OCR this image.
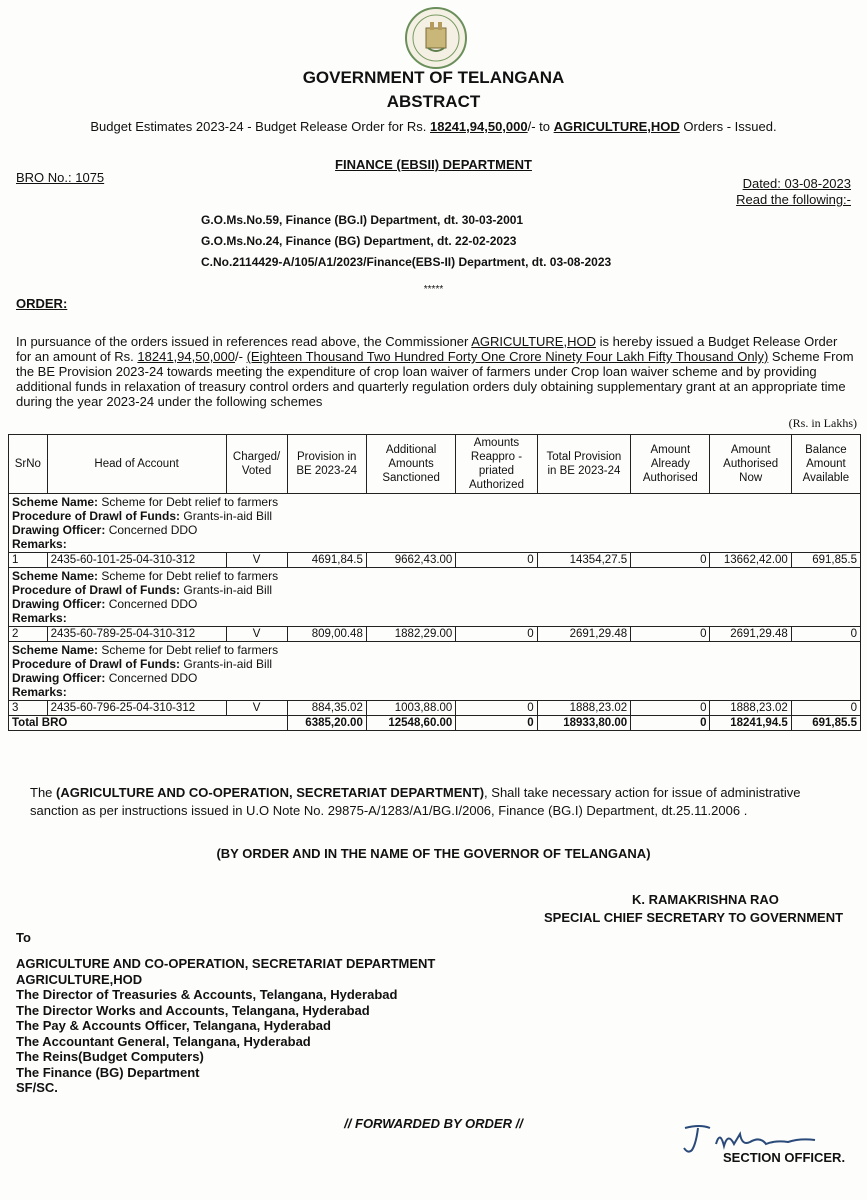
GOVERNMENT OF TELANGANA
ABSTRACT
Budget Estimates 2023-24 - Budget Release Order for Rs. 18241,94,50,000/- to AGRICULTURE,HOD Orders - Issued.
FINANCE (EBSII) DEPARTMENT
BRO No.: 1075	Dated: 03-08-2023
Read the following:-
G.O.Ms.No.59, Finance (BG.I) Department, dt. 30-03-2001
G.O.Ms.No.24, Finance (BG) Department, dt. 22-02-2023
C.No.2114429-A/105/A1/2023/Finance(EBS-II) Department, dt. 03-08-2023
*****
ORDER:
In pursuance of the orders issued in references read above, the Commissioner AGRICULTURE,HOD is hereby issued a Budget Release Order for an amount of Rs. 18241,94,50,000/- (Eighteen Thousand Two Hundred Forty One Crore Ninety Four Lakh Fifty Thousand Only) Scheme From the BE Provision 2023-24 towards meeting the expenditure of crop loan waiver of farmers under Crop loan waiver scheme and by providing additional funds in relaxation of treasury control orders and quarterly regulation orders duly obtaining supplementary grant at an appropriate time during the year 2023-24 under the following schemes
(Rs. in Lakhs)
SrNo	Head of Account	Charged/ Voted	Provision in BE 2023-24	Additional Amounts Sanctioned	Amounts Reappro -priated Authorized	Total Provision in BE 2023-24	Amount Already Authorised	Amount Authorised Now	Balance Amount Available

Scheme Name: Scheme for Debt relief to farmers
Procedure of Drawl of Funds: Grants-in-aid Bill
Drawing Officer: Concerned DDO
Remarks:									

1	2435-60-101-25-04-310-312	V	4691,84.5	9662,43.00	0	14354,27.5	0	13662,42.00	691,85.5

Scheme Name: Scheme for Debt relief to farmers
Procedure of Drawl of Funds: Grants-in-aid Bill
Drawing Officer: Concerned DDO
Remarks:									

2	2435-60-789-25-04-310-312	V	809,00.48	1882,29.00	0	2691,29.48	0	2691,29.48	0

Scheme Name: Scheme for Debt relief to farmers
Procedure of Drawl of Funds: Grants-in-aid Bill
Drawing Officer: Concerned DDO
Remarks:									

3	2435-60-796-25-04-310-312	V	884,35.02	1003,88.00	0	1888,23.02	0	1888,23.02	0
Total BRO			6385,20.00	12548,60.00	0	18933,80.00	0	18241,94.5	691,85.5
The (AGRICULTURE AND CO-OPERATION, SECRETARIAT DEPARTMENT), Shall take necessary action for issue of administrative sanction as per instructions issued in U.O Note No. 29875-A/1283/A1/BG.I/2006, Finance (BG.I) Department, dt.25.11.2006 .
(BY ORDER AND IN THE NAME OF THE GOVERNOR OF TELANGANA)
K. RAMAKRISHNA RAO
SPECIAL CHIEF SECRETARY TO GOVERNMENT
To
AGRICULTURE AND CO-OPERATION, SECRETARIAT DEPARTMENT
AGRICULTURE,HOD
The Director of Treasuries & Accounts, Telangana, Hyderabad
The Director Works and Accounts, Telangana, Hyderabad
The Pay & Accounts Officer, Telangana, Hyderabad
The Accountant General, Telangana, Hyderabad
The Reins(Budget Computers)
The Finance (BG) Department
SF/SC.
// FORWARDED BY ORDER //
SECTION OFFICER.
